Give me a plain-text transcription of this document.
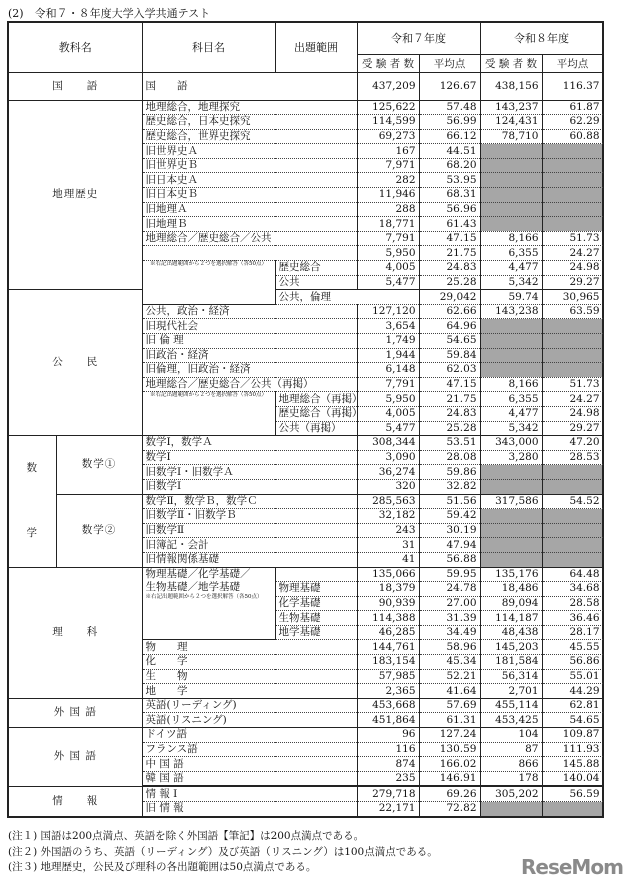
(2)　令和７・８年度大学入学共通テスト
教科名		科目名	出題範囲	令和７年度		令和８年度		
				受 験 者 数	平均点	受 験 者 数	平均点	
国　　語		国　　語		437,209	126.67	438,156	116.37	
地理歴史		地理総合，地理探究		125,622	57.48	143,237	61.87	
		歴史総合，日本史探究		114,599	56.99	124,431	62.29	
		歴史総合，世界史探究		69,273	66.12	78,710	60.88	
		旧世界史Ａ		167	44.51			
		旧世界史Ｂ		7,971	68.20			
		旧日本史Ａ		282	53.95			
		旧日本史Ｂ		11,946	68.31			
		旧地理Ａ		288	56.96			
		旧地理Ｂ		18,771	61.43			
		地理総合／歴史総合／公共		7,791	47.15	8,166	51.73	
				5,950	21.75	6,355	24.27	
		※右記出題範囲から２つを選択解答（各50点）	歴史総合	4,005	24.83	4,477	24.98	
			公共	5,477	25.28	5,342	29.27	
公　　民			公共，倫理		29,042	59.74	30,965	
		公共，政治・経済		127,120	62.66	143,238	63.59	
		旧現代社会		3,654	64.96			
		旧 倫 理		1,749	54.65			
		旧政治・経済		1,944	59.84			
		旧倫理，旧政治・経済		6,148	62.03			
		地理総合／歴史総合／公共（再掲）		7,791	47.15	8,166	51.73	
		※右記出題範囲から２つを選択解答（各50点）	地理総合（再掲）	5,950	21.75	6,355	24.27	
			歴史総合（再掲）	4,005	24.83	4,477	24.98	
			公共（再掲）	5,477	25.28	5,342	29.27	

数
学	数学①	数学Ⅰ，数学Ａ		308,344	53.51	343,000	47.20	
		数学Ⅰ		3,090	28.08	3,280	28.53	
		旧数学Ⅰ・旧数学Ａ		36,274	59.86			
		旧数学Ⅰ		320	32.82			
	数学②	数学Ⅱ，数学Ｂ，数学Ｃ		285,563	51.56	317,586	54.52	
		旧数学Ⅱ・旧数学Ｂ		32,182	59.42			
		旧数学Ⅱ		243	30.19			
		旧簿記・会計		31	47.94			
		旧情報関係基礎		41	56.88			
理　　科		物理基礎／化学基礎／
生物基礎／地学基礎
※右記出題範囲から２つを選択解答（各50点）		135,066	59.95	135,176	64.48	
			物理基礎	18,379	24.78	18,486	34.68	
			化学基礎	90,939	27.00	89,094	28.58	
			生物基礎	114,388	31.39	114,187	36.46	
			地学基礎	46,285	34.49	48,438	28.17	
		物　　理		144,761	58.96	145,203	45.55	
		化　　学		183,154	45.34	181,584	56.86	
		生　　物		57,985	52.21	56,314	55.01	
		地　　学		2,365	41.64	2,701	44.29	
外 国 語		英語(リーディング)		453,668	57.69	455,114	62.81	
		英語(リスニング)		451,864	61.31	453,425	54.65	
外 国 語		ドイツ語		96	127.24	104	109.87	
		フランス語		116	130.59	87	111.93	
		中 国 語		874	166.02	866	145.88	
		韓 国 語		235	146.91	178	140.04	
情　　報		情 報 Ⅰ		279,718	69.26	305,202	56.59	
		旧 情 報		22,171	72.82			
(注１) 国語は200点満点、英語を除く外国語【筆記】は200点満点である。
(注２) 外国語のうち、英語（リーディング）及び英語（リスニング）は100点満点である。
(注３) 地理歴史，公民及び理科の各出題範囲は50点満点である。	ReseMom
